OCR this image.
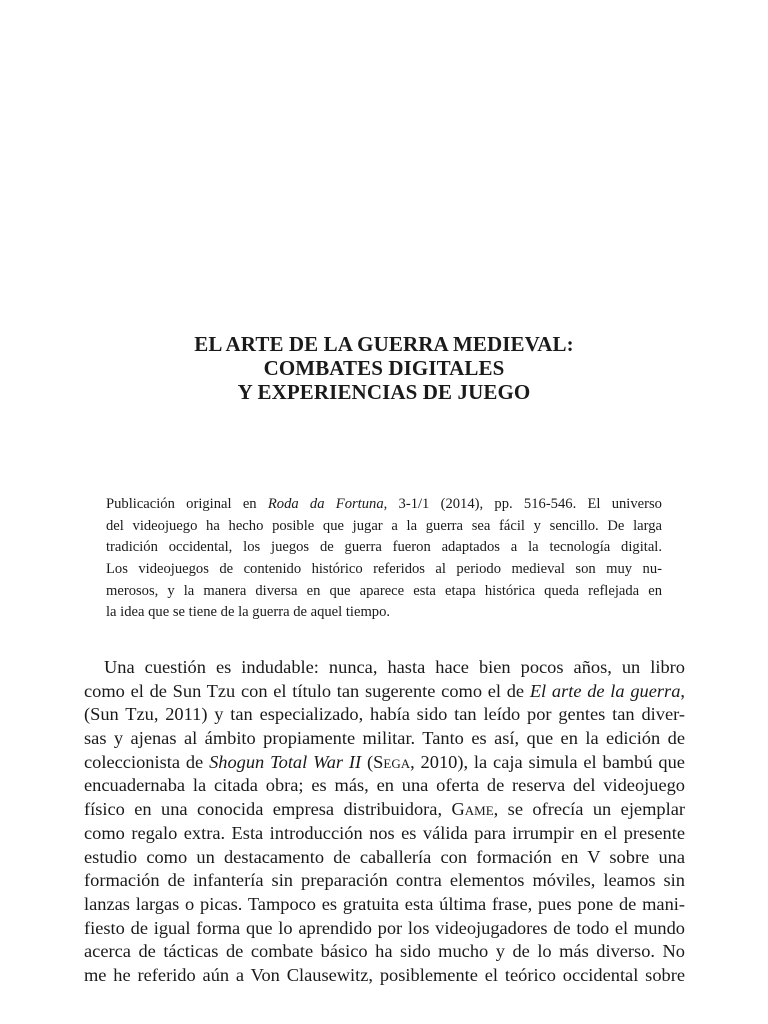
EL ARTE DE LA GUERRA MEDIEVAL:
COMBATES DIGITALES
Y EXPERIENCIAS DE JUEGO
Publicación original en Roda da Fortuna, 3-1/1 (2014), pp. 516-546. El universo
del videojuego ha hecho posible que jugar a la guerra sea fácil y sencillo. De larga
tradición occidental, los juegos de guerra fueron adaptados a la tecnología digital.
Los videojuegos de contenido histórico referidos al periodo medieval son muy nu-
merosos, y la manera diversa en que aparece esta etapa histórica queda reflejada en
la idea que se tiene de la guerra de aquel tiempo.
Una cuestión es indudable: nunca, hasta hace bien pocos años, un libro
como el de Sun Tzu con el título tan sugerente como el de El arte de la guerra,
(Sun Tzu, 2011) y tan especializado, había sido tan leído por gentes tan diver-
sas y ajenas al ámbito propiamente militar. Tanto es así, que en la edición de
coleccionista de Shogun Total War II (Sega, 2010), la caja simula el bambú que
encuadernaba la citada obra; es más, en una oferta de reserva del videojuego
físico en una conocida empresa distribuidora, Game, se ofrecía un ejemplar
como regalo extra. Esta introducción nos es válida para irrumpir en el presente
estudio como un destacamento de caballería con formación en V sobre una
formación de infantería sin preparación contra elementos móviles, leamos sin
lanzas largas o picas. Tampoco es gratuita esta última frase, pues pone de mani-
fiesto de igual forma que lo aprendido por los videojugadores de todo el mundo
acerca de tácticas de combate básico ha sido mucho y de lo más diverso. No
me he referido aún a Von Clausewitz, posiblemente el teórico occidental sobre
